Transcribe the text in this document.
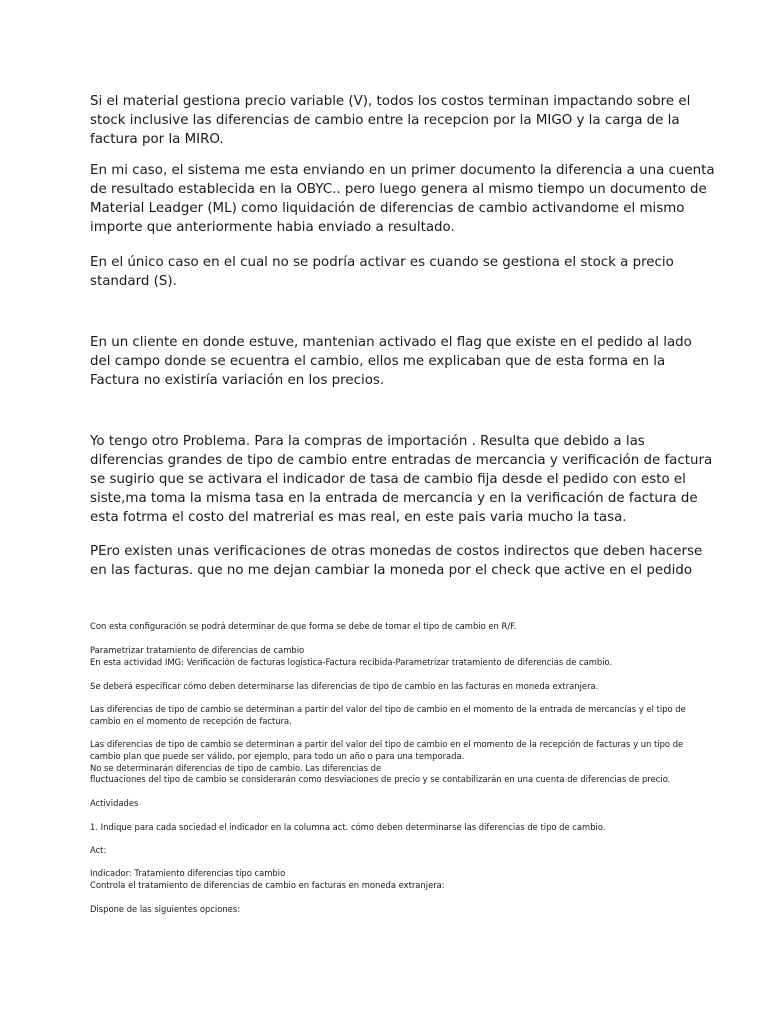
Si el material gestiona precio variable (V), todos los costos terminan impactando sobre el
stock inclusive las diferencias de cambio entre la recepcion por la MIGO y la carga de la
factura por la MIRO.

En mi caso, el sistema me esta enviando en un primer documento la diferencia a una cuenta
de resultado establecida en la OBYC.. pero luego genera al mismo tiempo un documento de
Material Leadger (ML) como liquidación de diferencias de cambio activandome el mismo
importe que anteriormente habia enviado a resultado.

En el único caso en el cual no se podría activar es cuando se gestiona el stock a precio
standard (S).

En un cliente en donde estuve, mantenian activado el flag que existe en el pedido al lado
del campo donde se ecuentra el cambio, ellos me explicaban que de esta forma en la
Factura no existiría variación en los precios.

Yo tengo otro Problema. Para la compras de importación . Resulta que debido a las
diferencias grandes de tipo de cambio entre entradas de mercancia y verificación de factura
se sugirio que se activara el indicador de tasa de cambio fija desde el pedido con esto el
siste,ma toma la misma tasa en la entrada de mercancia y en la verificación de factura de
esta fotrma el costo del matrerial es mas real, en este pais varia mucho la tasa.

PEro existen unas verificaciones de otras monedas de costos indirectos que deben hacerse
en las facturas. que no me dejan cambiar la moneda por el check que active en el pedido

Con esta configuración se podrá determinar de que forma se debe de tomar el tipo de cambio en R/F.
Parametrizar tratamiento de diferencias de cambio
En esta actividad IMG: Verificación de facturas logística-Factura recibida-Parametrizar tratamiento de diferencias de cambio.
Se deberá especificar cómo deben determinarse las diferencias de tipo de cambio en las facturas en moneda extranjera.
Las diferencias de tipo de cambio se determinan a partir del valor del tipo de cambio en el momento de la entrada de mercancías y el tipo de
cambio en el momento de recepción de factura.
Las diferencias de tipo de cambio se determinan a partir del valor del tipo de cambio en el momento de la recepción de facturas y un tipo de
cambio plan que puede ser válido, por ejemplo, para todo un año o para una temporada.
No se determinarán diferencias de tipo de cambio. Las diferencias de
fluctuaciones del tipo de cambio se considerarán como desviaciones de precio y se contabilizarán en una cuenta de diferencias de precio.
Actividades
1. Indique para cada sociedad el indicador en la columna act. cómo deben determinarse las diferencias de tipo de cambio.
Act:
Indicador: Tratamiento diferencias tipo cambio
Controla el tratamiento de diferencias de cambio en facturas en moneda extranjera:
Dispone de las siguientes opciones:
